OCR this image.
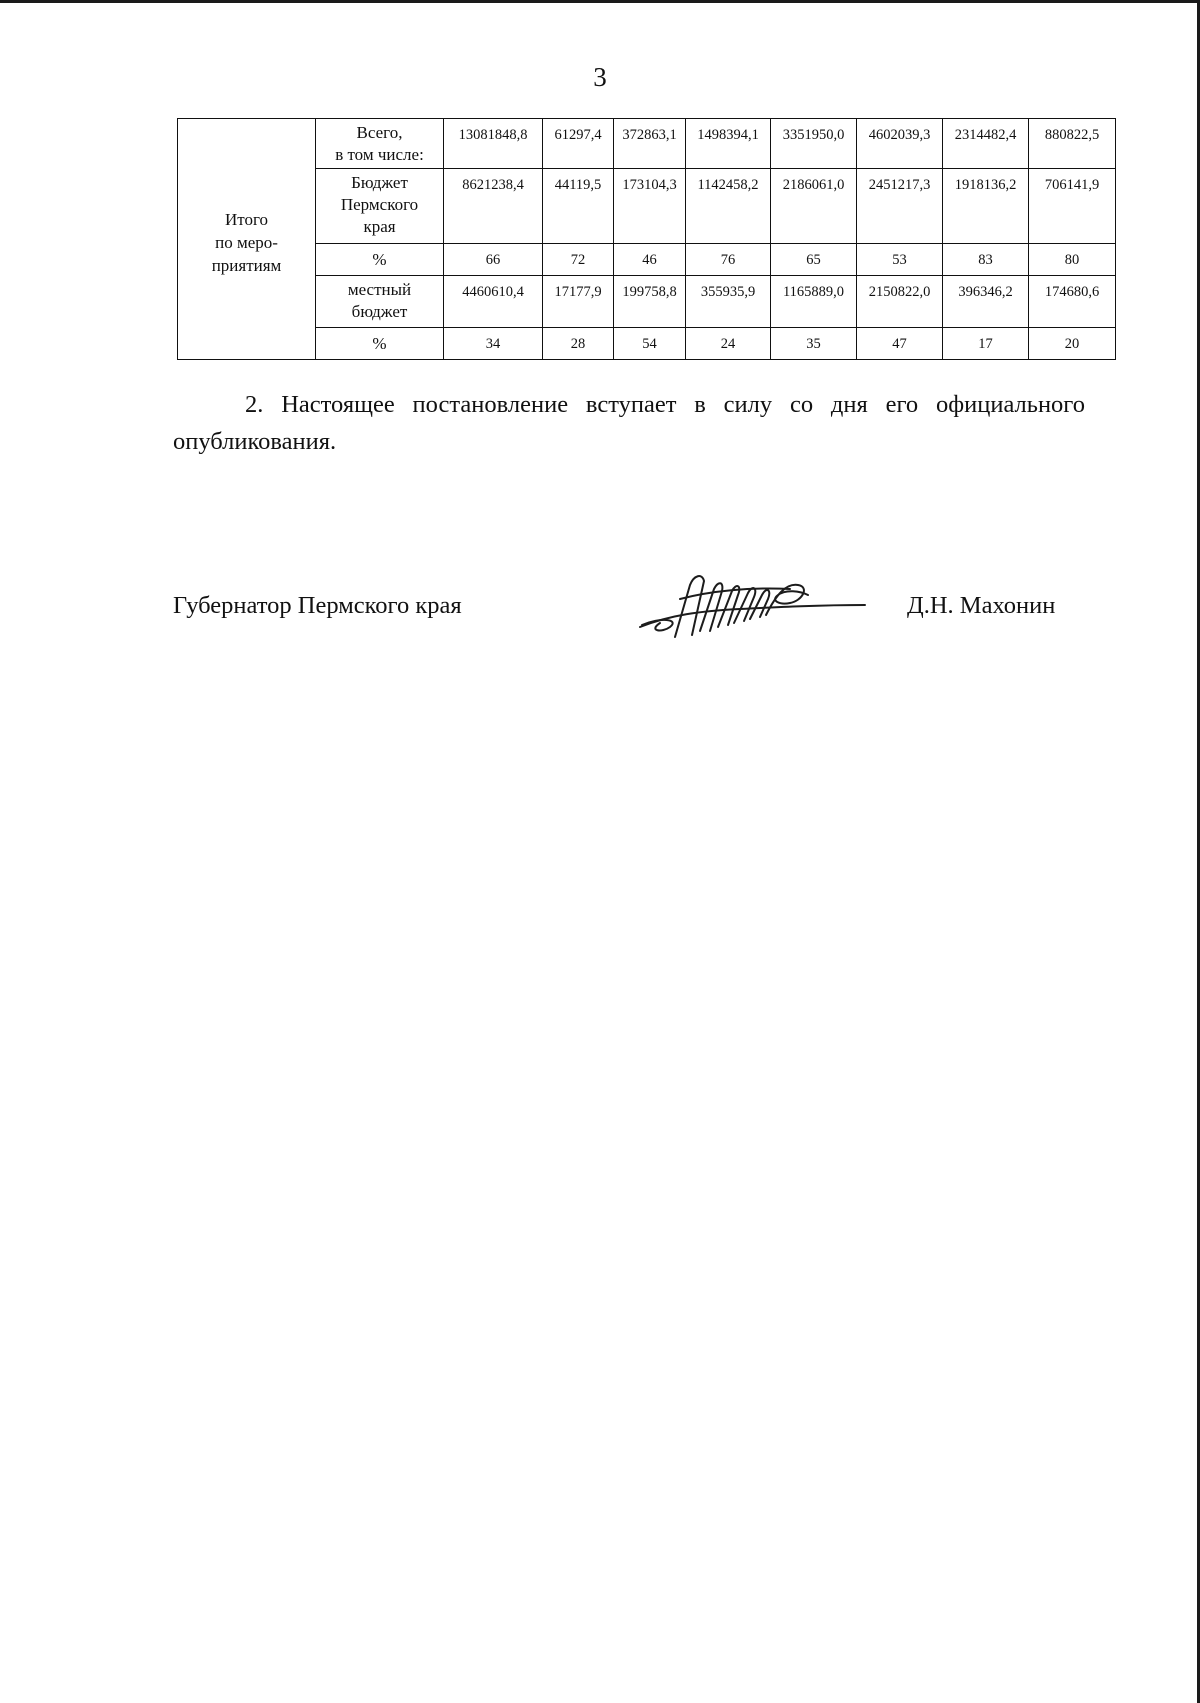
3
Итого
по меро-
приятиям	Всего,
в том числе:	13081848,8	61297,4	372863,1	1498394,1	3351950,0	4602039,3	2314482,4	880822,5
	Бюджет
Пермского
края	8621238,4	44119,5	173104,3	1142458,2	2186061,0	2451217,3	1918136,2	706141,9
	%	66	72	46	76	65	53	83	80
	местный
бюджет	4460610,4	17177,9	199758,8	355935,9	1165889,0	2150822,0	396346,2	174680,6
	%	34	28	54	24	35	47	17	20
2. Настоящее постановление вступает в силу со дня его официального опубликования.
Губернатор Пермского края	Д.Н. Махонин
